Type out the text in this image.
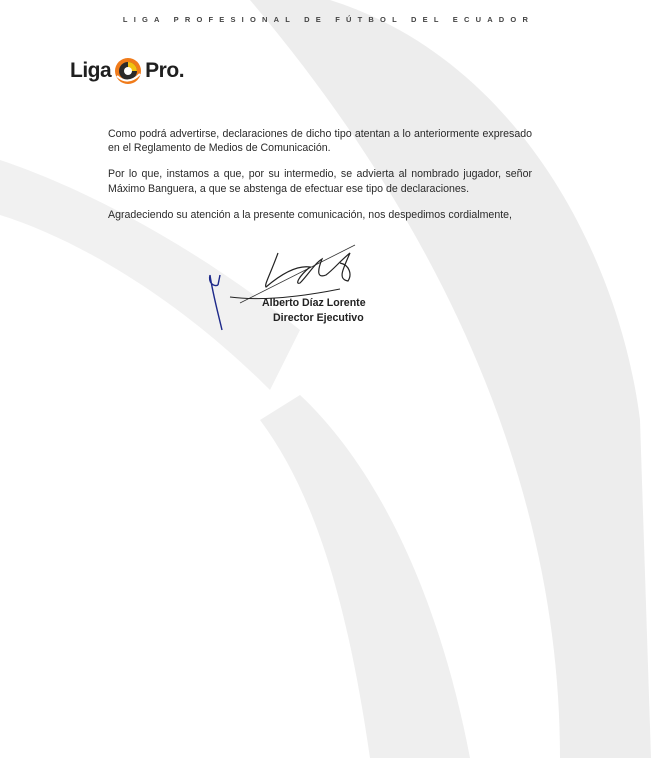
LIGA PROFESIONAL DE FÚTBOL DEL ECUADOR
Liga Pro .

Como podrá advertirse, declaraciones de dicho tipo atentan a lo anteriormente expresado en el Reglamento de Medios de Comunicación.

Por lo que, instamos a que, por su intermedio, se advierta al nombrado jugador, señor Máximo Banguera, a que se abstenga de efectuar ese tipo de declaraciones.

Agradeciendo su atención a la presente comunicación, nos despedimos cordialmente,

Alberto Díaz Lorente
Director Ejecutivo
